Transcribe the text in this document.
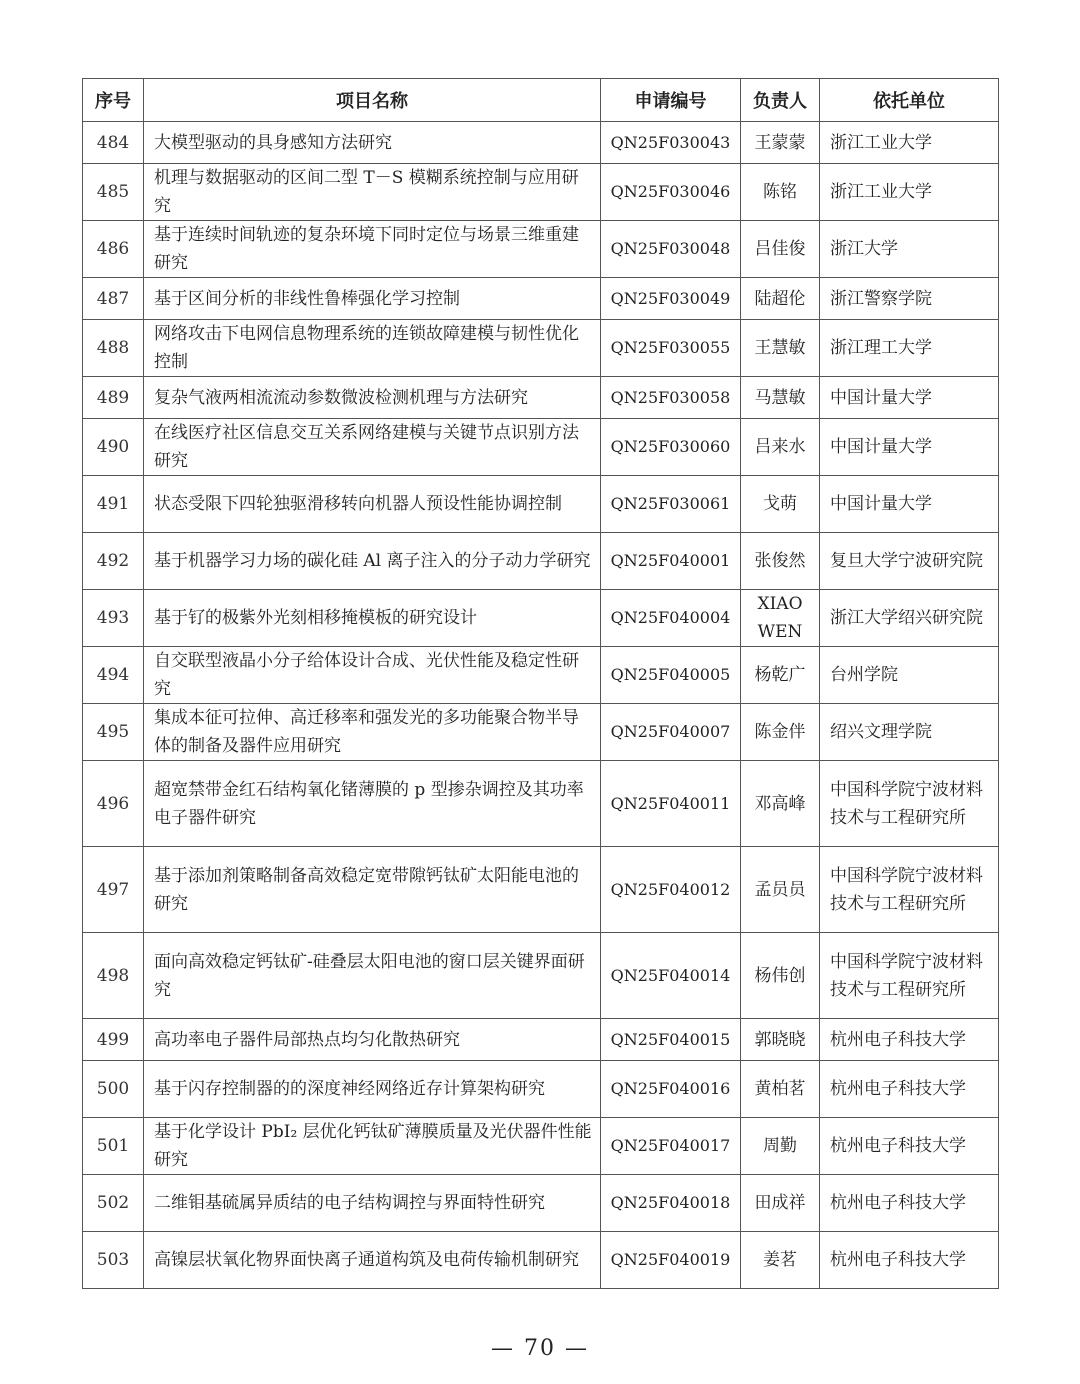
序号	项目名称	申请编号	负责人	依托单位
484	大模型驱动的具身感知方法研究	QN25F030043	王蒙蒙	浙江工业大学
485	机理与数据驱动的区间二型 T－S 模糊系统控制与应用研究	QN25F030046	陈铭	浙江工业大学
486	基于连续时间轨迹的复杂环境下同时定位与场景三维重建研究	QN25F030048	吕佳俊	浙江大学
487	基于区间分析的非线性鲁棒强化学习控制	QN25F030049	陆超伦	浙江警察学院
488	网络攻击下电网信息物理系统的连锁故障建模与韧性优化控制	QN25F030055	王慧敏	浙江理工大学
489	复杂气液两相流流动参数微波检测机理与方法研究	QN25F030058	马慧敏	中国计量大学
490	在线医疗社区信息交互关系网络建模与关键节点识别方法研究	QN25F030060	吕来水	中国计量大学
491	状态受限下四轮独驱滑移转向机器人预设性能协调控制	QN25F030061	戈萌	中国计量大学
492	基于机器学习力场的碳化硅 Al 离子注入的分子动力学研究	QN25F040001	张俊然	复旦大学宁波研究院
493	基于钌的极紫外光刻相移掩模板的研究设计	QN25F040004	XIAO WEN	浙江大学绍兴研究院
494	自交联型液晶小分子给体设计合成、光伏性能及稳定性研究	QN25F040005	杨乾广	台州学院
495	集成本征可拉伸、高迁移率和强发光的多功能聚合物半导体的制备及器件应用研究	QN25F040007	陈金伴	绍兴文理学院
496	超宽禁带金红石结构氧化锗薄膜的 p 型掺杂调控及其功率电子器件研究	QN25F040011	邓高峰	中国科学院宁波材料技术与工程研究所
497	基于添加剂策略制备高效稳定宽带隙钙钛矿太阳能电池的研究	QN25F040012	孟员员	中国科学院宁波材料技术与工程研究所
498	面向高效稳定钙钛矿-硅叠层太阳电池的窗口层关键界面研究	QN25F040014	杨伟创	中国科学院宁波材料技术与工程研究所
499	高功率电子器件局部热点均匀化散热研究	QN25F040015	郭晓晓	杭州电子科技大学
500	基于闪存控制器的的深度神经网络近存计算架构研究	QN25F040016	黄柏茗	杭州电子科技大学
501	基于化学设计 PbI₂ 层优化钙钛矿薄膜质量及光伏器件性能研究	QN25F040017	周勤	杭州电子科技大学
502	二维钼基硫属异质结的电子结构调控与界面特性研究	QN25F040018	田成祥	杭州电子科技大学
503	高镍层状氧化物界面快离子通道构筑及电荷传输机制研究	QN25F040019	姜茗	杭州电子科技大学
— 70 —
